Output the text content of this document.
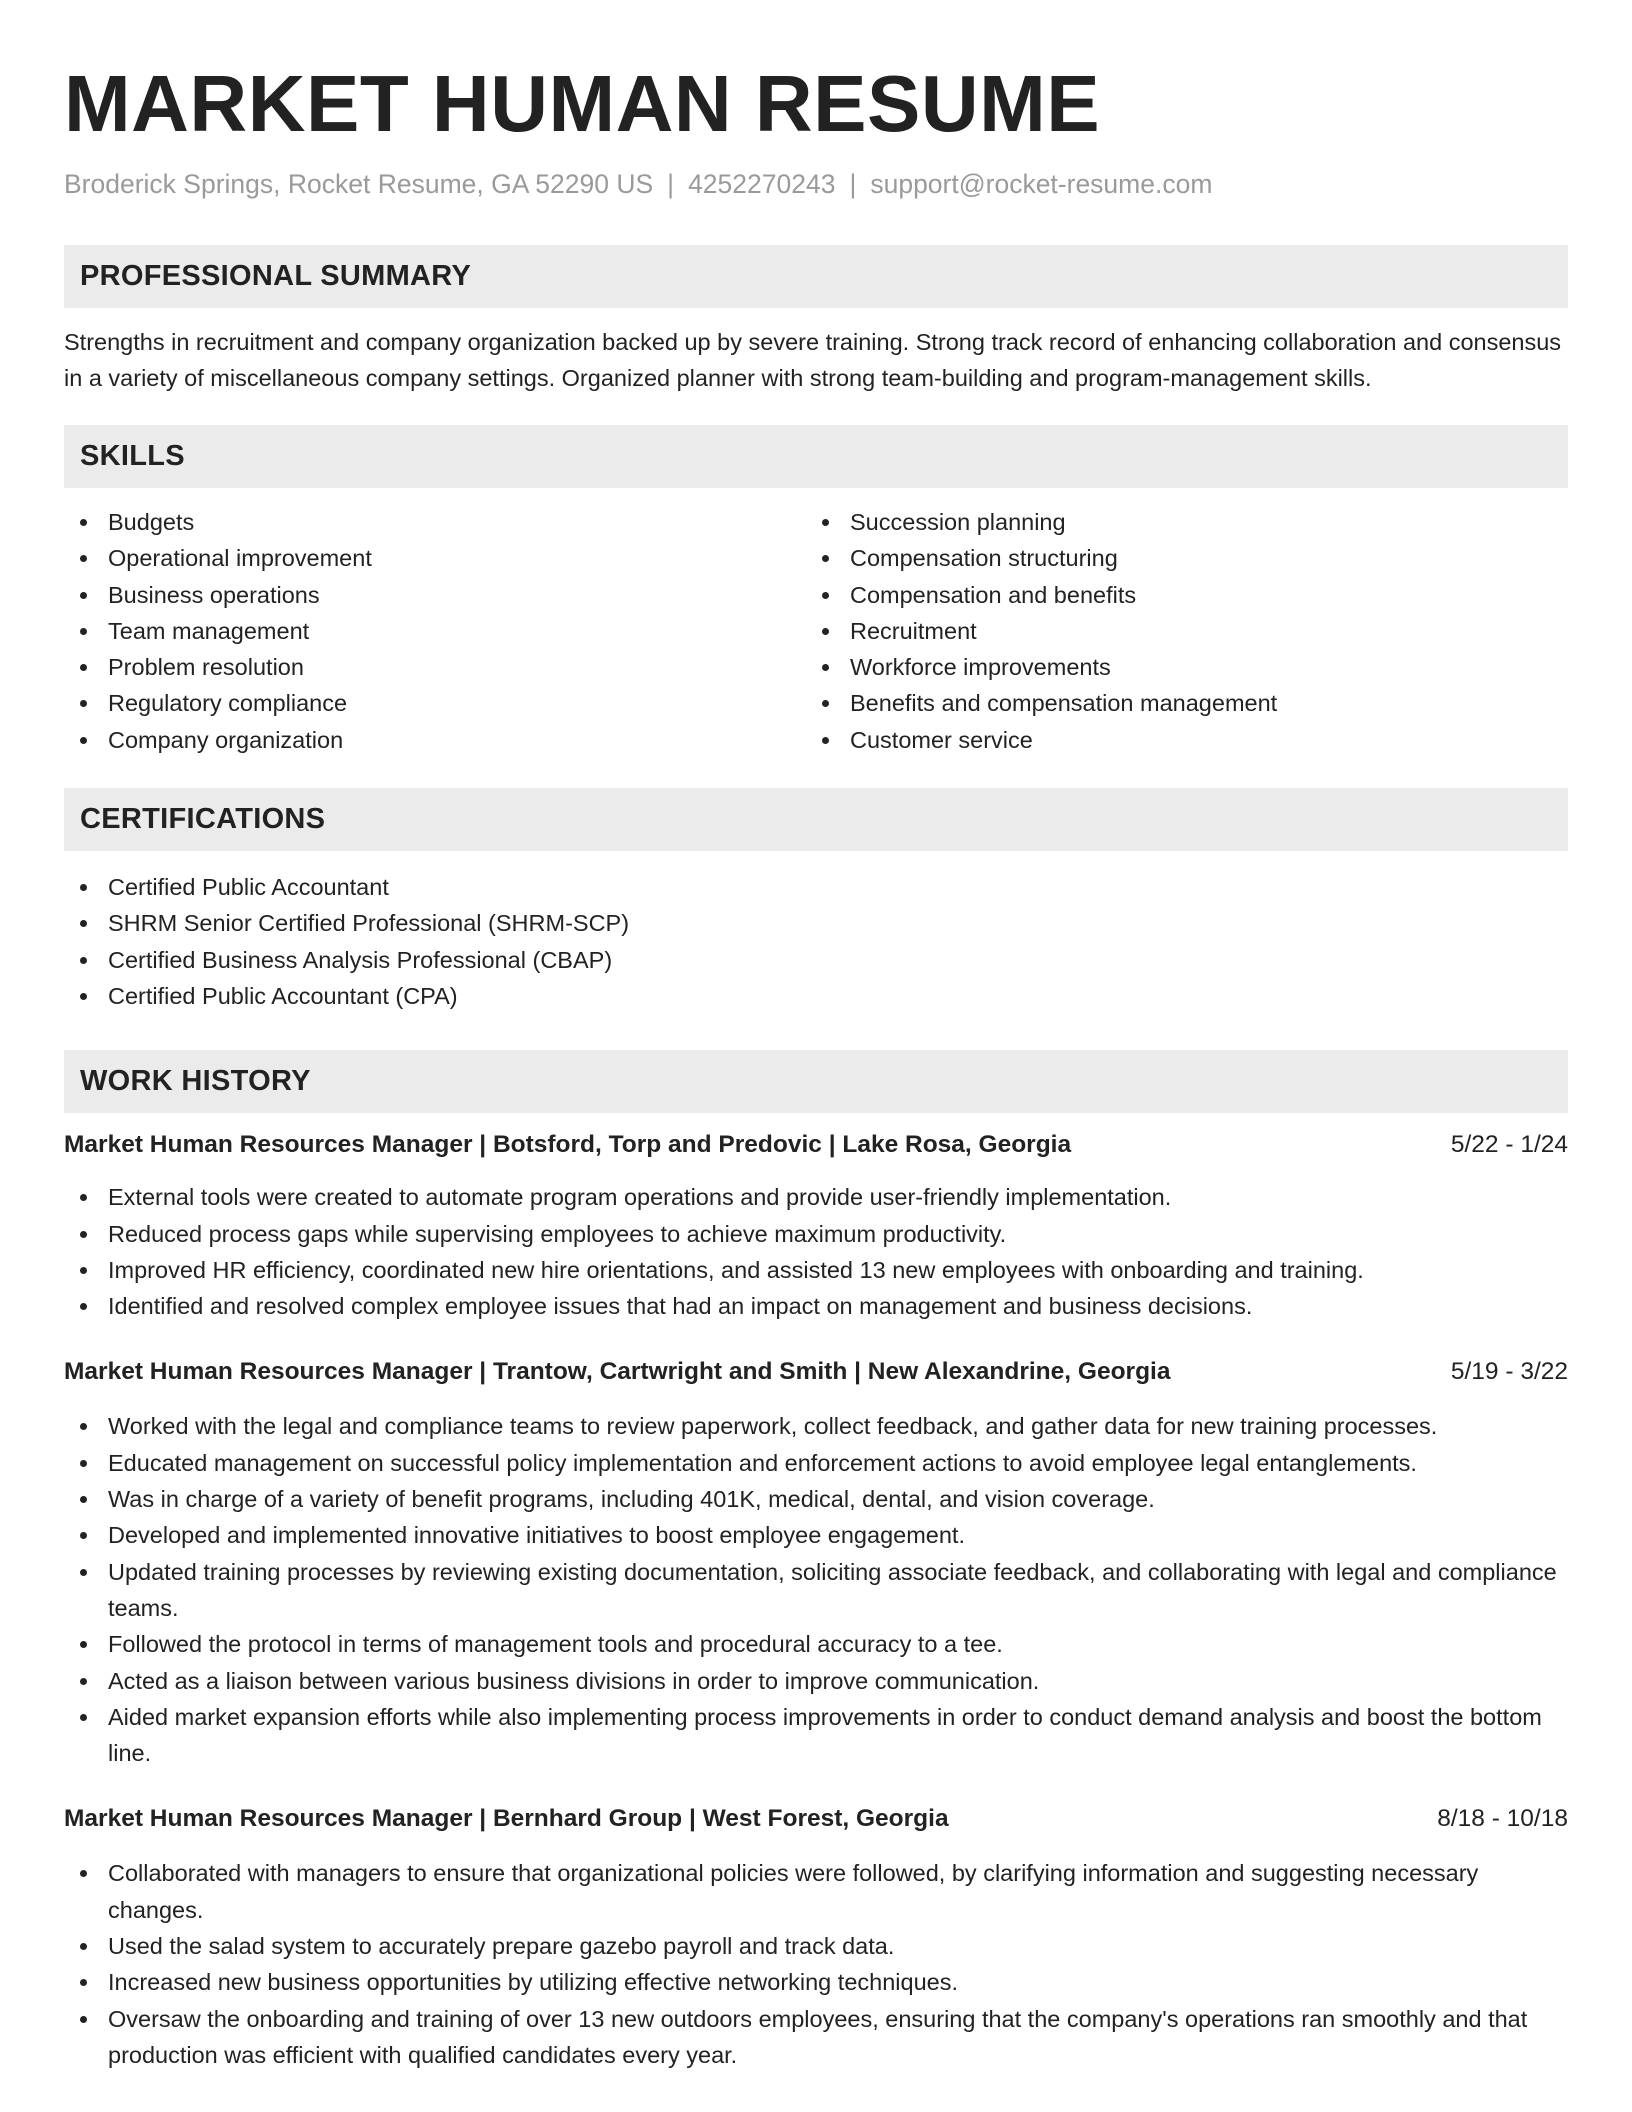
MARKET HUMAN RESUME
Broderick Springs, Rocket Resume, GA 52290 US | 4252270243 | support@rocket-resume.com
PROFESSIONAL SUMMARY

Strengths in recruitment and company organization backed up by severe training. Strong track record of enhancing collaboration and consensus in a variety of miscellaneous company settings. Organized planner with strong team-building and program-management skills.

SKILLS
Budgets
Operational improvement
Business operations
Team management
Problem resolution
Regulatory compliance
Company organization
Succession planning
Compensation structuring
Compensation and benefits
Recruitment
Workforce improvements
Benefits and compensation management
Customer service
CERTIFICATIONS
Certified Public Accountant
SHRM Senior Certified Professional (SHRM-SCP)
Certified Business Analysis Professional (CBAP)
Certified Public Accountant (CPA)
WORK HISTORY
Market Human Resources Manager | Botsford, Torp and Predovic | Lake Rosa, Georgia	5/22 - 1/24
External tools were created to automate program operations and provide user-friendly implementation.
Reduced process gaps while supervising employees to achieve maximum productivity.
Improved HR efficiency, coordinated new hire orientations, and assisted 13 new employees with onboarding and training.
Identified and resolved complex employee issues that had an impact on management and business decisions.
Market Human Resources Manager | Trantow, Cartwright and Smith | New Alexandrine, Georgia	5/19 - 3/22
Worked with the legal and compliance teams to review paperwork, collect feedback, and gather data for new training processes.
Educated management on successful policy implementation and enforcement actions to avoid employee legal entanglements.
Was in charge of a variety of benefit programs, including 401K, medical, dental, and vision coverage.
Developed and implemented innovative initiatives to boost employee engagement.
Updated training processes by reviewing existing documentation, soliciting associate feedback, and collaborating with legal and compliance teams.
Followed the protocol in terms of management tools and procedural accuracy to a tee.
Acted as a liaison between various business divisions in order to improve communication.
Aided market expansion efforts while also implementing process improvements in order to conduct demand analysis and boost the bottom line.
Market Human Resources Manager | Bernhard Group | West Forest, Georgia	8/18 - 10/18
Collaborated with managers to ensure that organizational policies were followed, by clarifying information and suggesting necessary changes.
Used the salad system to accurately prepare gazebo payroll and track data.
Increased new business opportunities by utilizing effective networking techniques.
Oversaw the onboarding and training of over 13 new outdoors employees, ensuring that the company's operations ran smoothly and that production was efficient with qualified candidates every year.
